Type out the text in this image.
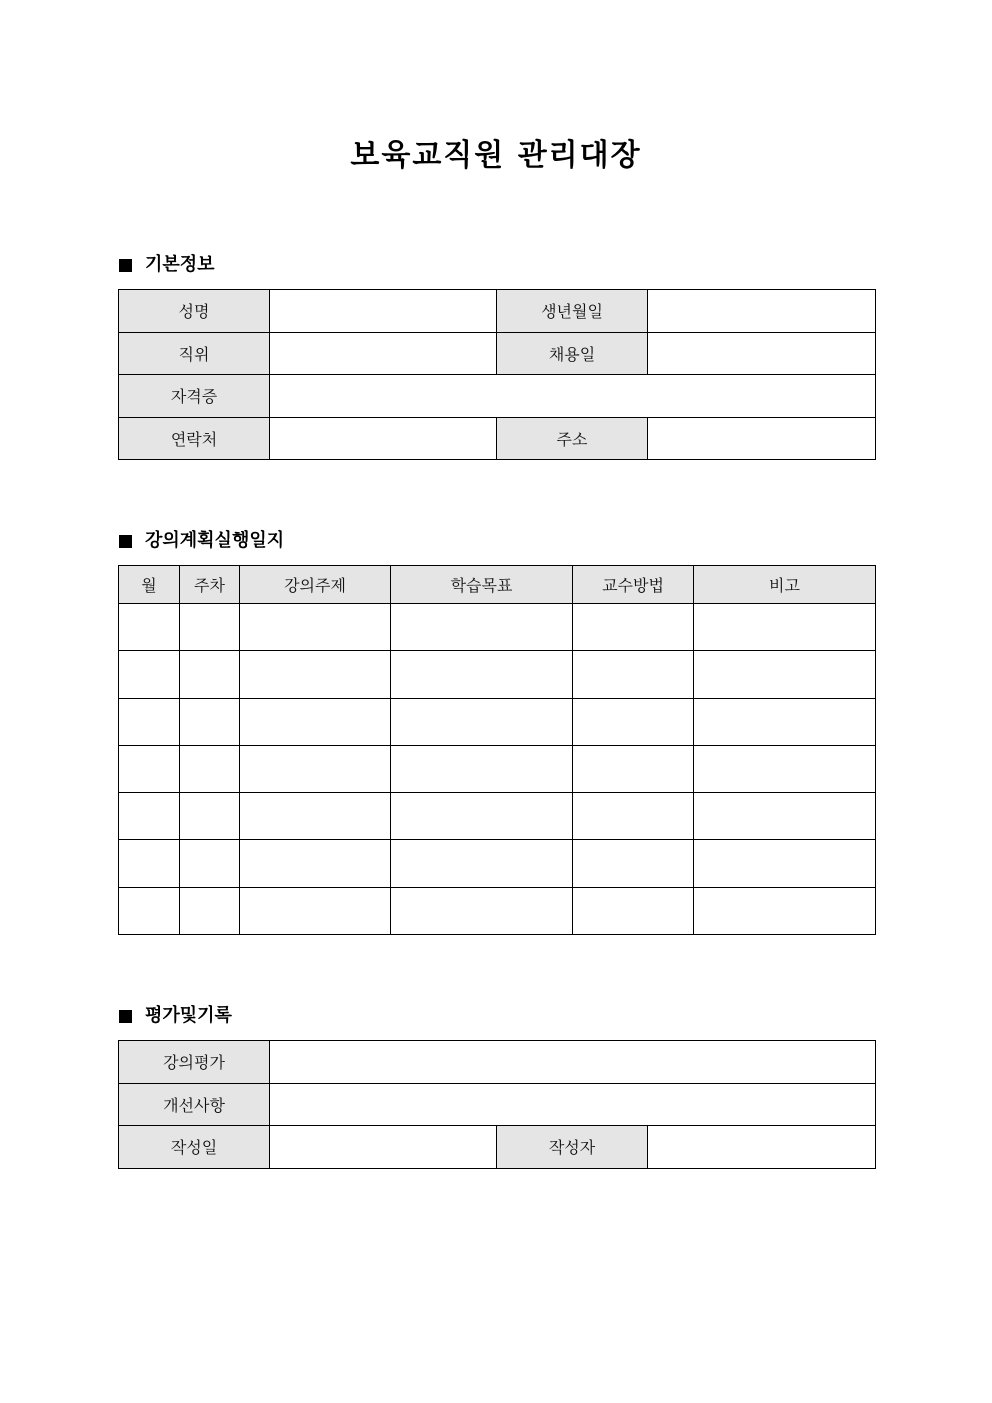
보육교직원 관리대장
기본정보
성명		생년월일	
직위		채용일	
자격증			
연락처		주소	
강의계획실행일지
월	주차	강의주제	학습목표	교수방법	비고

평가및기록
강의평가			
개선사항			
작성일		작성자	
